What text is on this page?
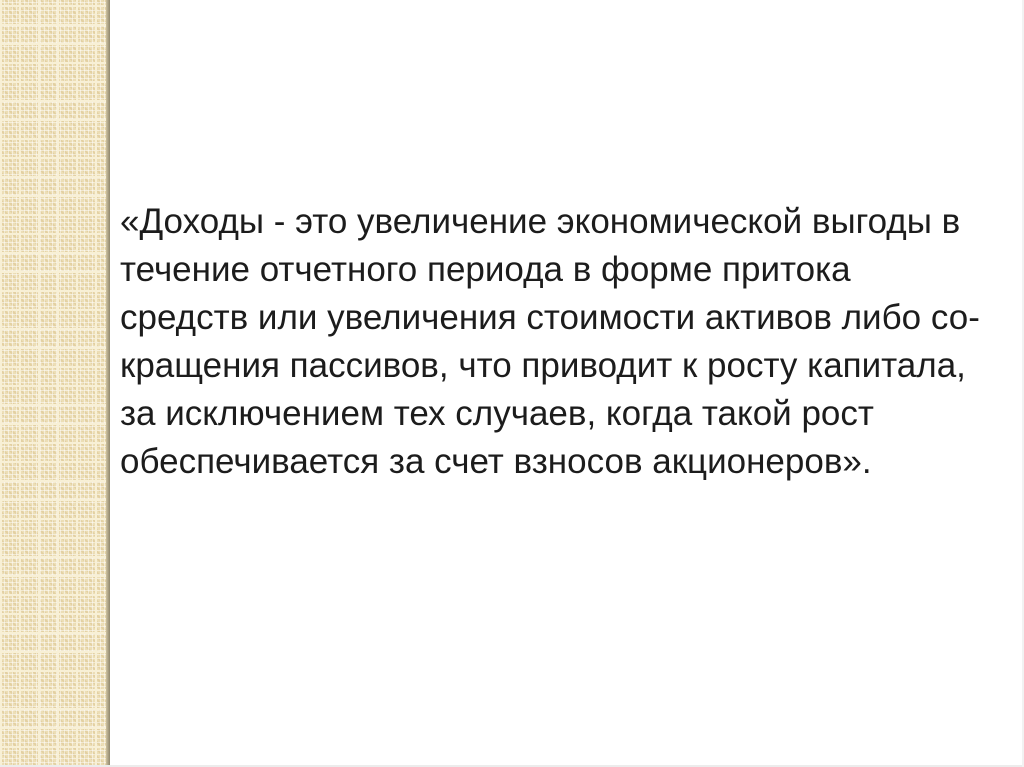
«Доходы - это увеличение экономической выгоды в
течение отчетного периода в форме притока
средств или увеличения стоимости активов либо со-
кращения пассивов, что приводит к росту капитала,
за исключением тех случаев, когда такой рост
обеспечивается за счет взносов акционеров».
